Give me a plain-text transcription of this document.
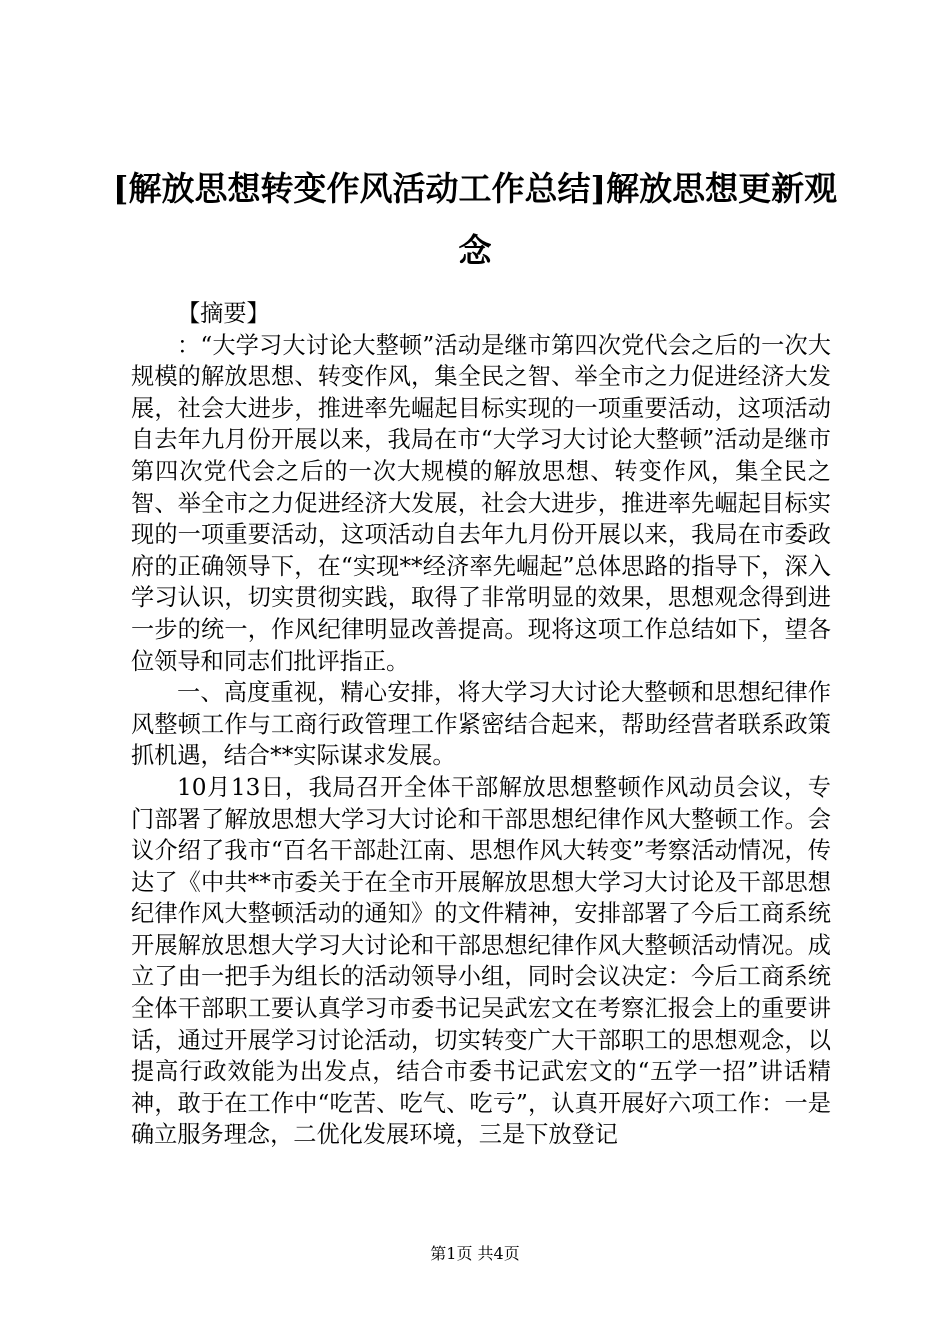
[解放思想转变作风活动工作总结]解放思想更新观念

【摘要】

：“大学习大讨论大整顿”活动是继市第四次党代会之后的一次大规模的解放思想、转变作风，集全民之智、举全市之力促进经济大发展，社会大进步，推进率先崛起目标实现的一项重要活动，这项活动自去年九月份开展以来，我局在市“大学习大讨论大整顿”活动是继市第四次党代会之后的一次大规模的解放思想、转变作风，集全民之智、举全市之力促进经济大发展，社会大进步，推进率先崛起目标实现的一项重要活动，这项活动自去年九月份开展以来，我局在市委政府的正确领导下，在“实现**经济率先崛起”总体思路的指导下，深入学习认识，切实贯彻实践，取得了非常明显的效果，思想观念得到进一步的统一，作风纪律明显改善提高。现将这项工作总结如下，望各位领导和同志们批评指正。

一、高度重视，精心安排，将大学习大讨论大整顿和思想纪律作风整顿工作与工商行政管理工作紧密结合起来，帮助经营者联系政策抓机遇，结合**实际谋求发展。

10月13日，我局召开全体干部解放思想整顿作风动员会议，专门部署了解放思想大学习大讨论和干部思想纪律作风大整顿工作。会议介绍了我市“百名干部赴江南、思想作风大转变”考察活动情况，传达了《中共**市委关于在全市开展解放思想大学习大讨论及干部思想纪律作风大整顿活动的通知》的文件精神，安排部署了今后工商系统开展解放思想大学习大讨论和干部思想纪律作风大整顿活动情况。成立了由一把手为组长的活动领导小组，同时会议决定：今后工商系统全体干部职工要认真学习市委书记吴武宏文在考察汇报会上的重要讲话，通过开展学习讨论活动，切实转变广大干部职工的思想观念，以提高行政效能为出发点，结合市委书记武宏文的“五学一招”讲话精神，敢于在工作中“吃苦、吃气、吃亏”，认真开展好六项工作：一是确立服务理念，二优化发展环境，三是下放登记

第1页 共4页
